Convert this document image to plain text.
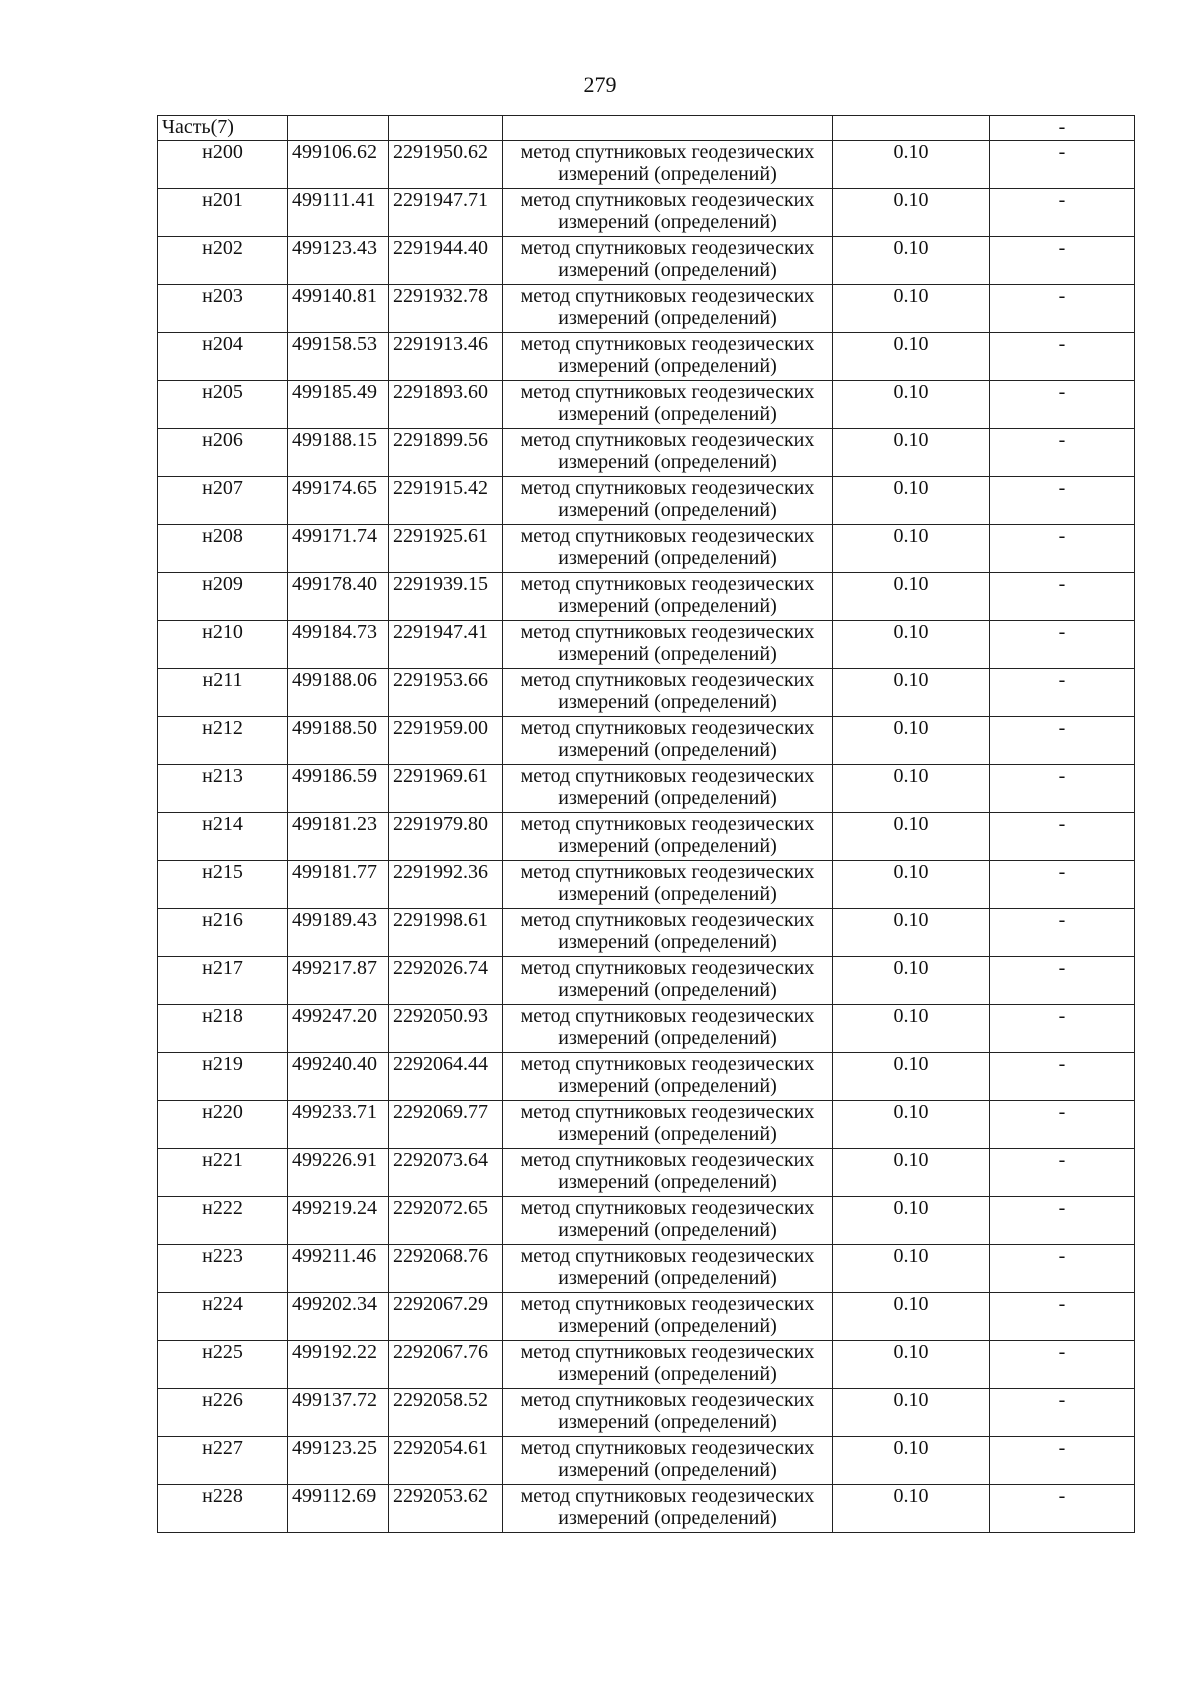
279
Часть(7)					-
н200	499106.62	2291950.62	метод спутниковых геодезических измерений (определений)	0.10	-
н201	499111.41	2291947.71	метод спутниковых геодезических измерений (определений)	0.10	-
н202	499123.43	2291944.40	метод спутниковых геодезических измерений (определений)	0.10	-
н203	499140.81	2291932.78	метод спутниковых геодезических измерений (определений)	0.10	-
н204	499158.53	2291913.46	метод спутниковых геодезических измерений (определений)	0.10	-
н205	499185.49	2291893.60	метод спутниковых геодезических измерений (определений)	0.10	-
н206	499188.15	2291899.56	метод спутниковых геодезических измерений (определений)	0.10	-
н207	499174.65	2291915.42	метод спутниковых геодезических измерений (определений)	0.10	-
н208	499171.74	2291925.61	метод спутниковых геодезических измерений (определений)	0.10	-
н209	499178.40	2291939.15	метод спутниковых геодезических измерений (определений)	0.10	-
н210	499184.73	2291947.41	метод спутниковых геодезических измерений (определений)	0.10	-
н211	499188.06	2291953.66	метод спутниковых геодезических измерений (определений)	0.10	-
н212	499188.50	2291959.00	метод спутниковых геодезических измерений (определений)	0.10	-
н213	499186.59	2291969.61	метод спутниковых геодезических измерений (определений)	0.10	-
н214	499181.23	2291979.80	метод спутниковых геодезических измерений (определений)	0.10	-
н215	499181.77	2291992.36	метод спутниковых геодезических измерений (определений)	0.10	-
н216	499189.43	2291998.61	метод спутниковых геодезических измерений (определений)	0.10	-
н217	499217.87	2292026.74	метод спутниковых геодезических измерений (определений)	0.10	-
н218	499247.20	2292050.93	метод спутниковых геодезических измерений (определений)	0.10	-
н219	499240.40	2292064.44	метод спутниковых геодезических измерений (определений)	0.10	-
н220	499233.71	2292069.77	метод спутниковых геодезических измерений (определений)	0.10	-
н221	499226.91	2292073.64	метод спутниковых геодезических измерений (определений)	0.10	-
н222	499219.24	2292072.65	метод спутниковых геодезических измерений (определений)	0.10	-
н223	499211.46	2292068.76	метод спутниковых геодезических измерений (определений)	0.10	-
н224	499202.34	2292067.29	метод спутниковых геодезических измерений (определений)	0.10	-
н225	499192.22	2292067.76	метод спутниковых геодезических измерений (определений)	0.10	-
н226	499137.72	2292058.52	метод спутниковых геодезических измерений (определений)	0.10	-
н227	499123.25	2292054.61	метод спутниковых геодезических измерений (определений)	0.10	-
н228	499112.69	2292053.62	метод спутниковых геодезических измерений (определений)	0.10	-
